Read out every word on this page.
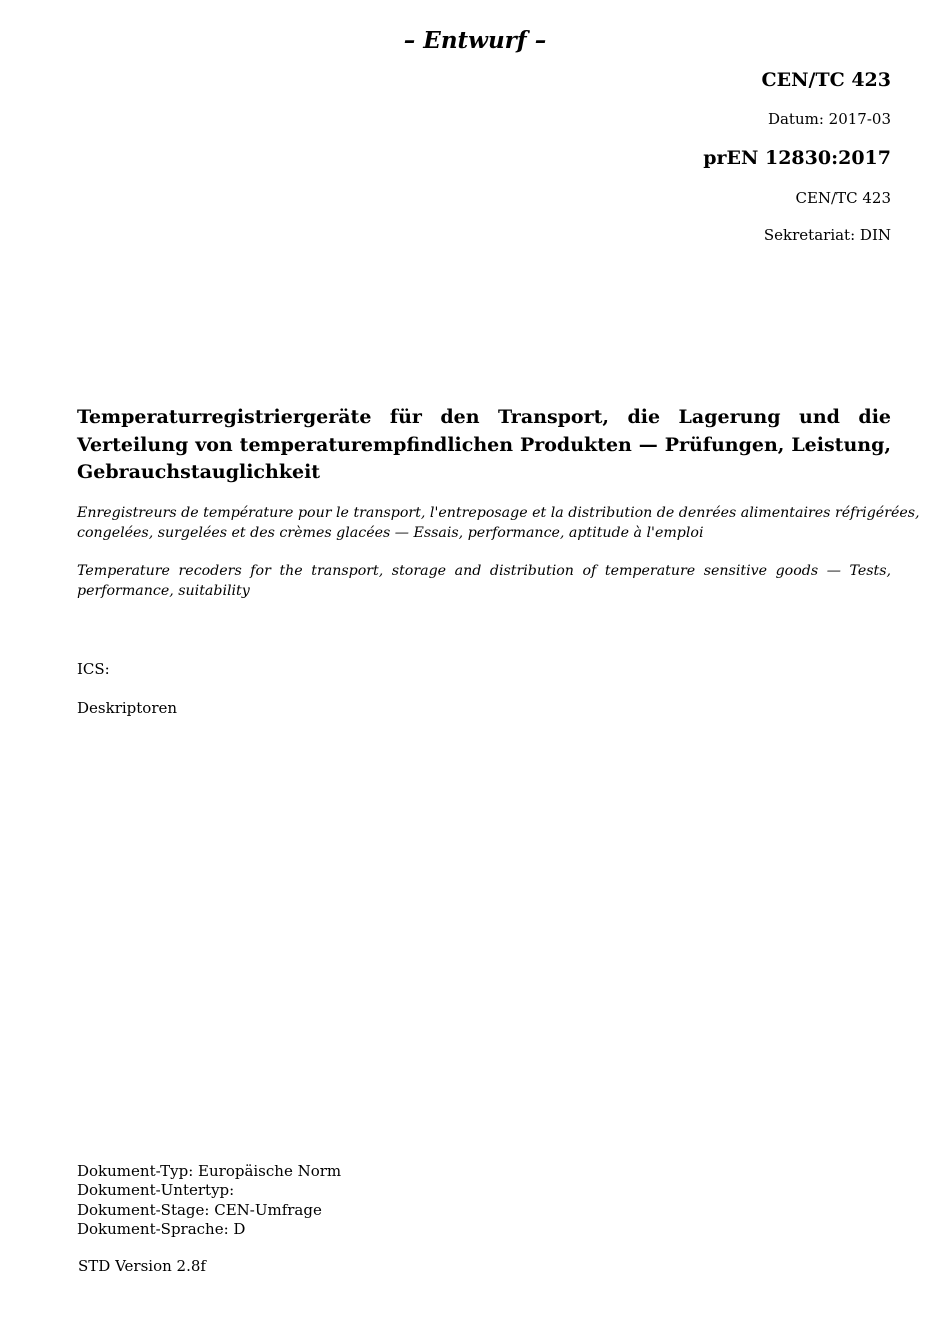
– Entwurf –
CEN/TC 423
Datum: 2017-03
prEN 12830:2017
CEN/TC 423
Sekretariat: DIN
Temperaturregistriergeräte für den Transport, die Lagerung und die
Verteilung von temperaturempfindlichen Produkten — Prüfungen, Leistung,
Gebrauchstauglichkeit

Enregistreurs de température pour le transport, l'entreposage et la distribution de denrées alimentaires réfrigérées,
congelées, surgelées et des crèmes glacées — Essais, performance, aptitude à l'emploi

Temperature recoders for the transport, storage and distribution of temperature sensitive goods — Tests,
performance, suitability

ICS:
Deskriptoren
Dokument-Typ: Europäische Norm
Dokument-Untertyp:
Dokument-Stage: CEN-Umfrage
Dokument-Sprache: D
STD Version 2.8f
